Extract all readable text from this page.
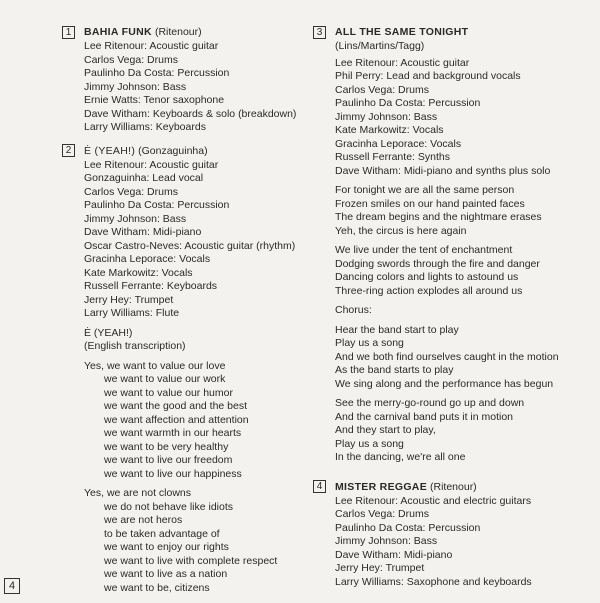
1	BAHIA FUNK (Ritenour)
Lee Ritenour: Acoustic guitar
Carlos Vega: Drums
Paulinho Da Costa: Percussion
Jimmy Johnson: Bass
Ernie Watts: Tenor saxophone
Dave Witham: Keyboards & solo (breakdown)
Larry Williams: Keyboards
2	Ė (YEAH!) (Gonzaguinha)
Lee Ritenour: Acoustic guitar
Gonzaguinha: Lead vocal
Carlos Vega: Drums
Paulinho Da Costa: Percussion
Jimmy Johnson: Bass
Dave Witham: Midi-piano
Oscar Castro-Neves: Acoustic guitar (rhythm)
Gracinha Leporace: Vocals
Kate Markowitz: Vocals
Russell Ferrante: Keyboards
Jerry Hey: Trumpet
Larry Williams: Flute
Ė (YEAH!)
(English transcription)
Yes, we want to value our love
we want to value our work
we want to value our humor
we want the good and the best
we want affection and attention
we want warmth in our hearts
we want to be very healthy
we want to live our freedom
we want to live our happiness
Yes, we are not clowns
we do not behave like idiots
we are not heros
to be taken advantage of
we want to enjoy our rights
we want to live with complete respect
we want to live as a nation
we want to be, citizens
3	ALL THE SAME TONIGHT
(Lins/Martins/Tagg)
Lee Ritenour: Acoustic guitar
Phil Perry: Lead and background vocals
Carlos Vega: Drums
Paulinho Da Costa: Percussion
Jimmy Johnson: Bass
Kate Markowitz: Vocals
Gracinha Leporace: Vocals
Russell Ferrante: Synths
Dave Witham: Midi-piano and synths plus solo
For tonight we are all the same person
Frozen smiles on our hand painted faces
The dream begins and the nightmare erases
Yeh, the circus is here again
We live under the tent of enchantment
Dodging swords through the fire and danger
Dancing colors and lights to astound us
Three-ring action explodes all around us
Chorus:
Hear the band start to play
Play us a song
And we both find ourselves caught in the motion
As the band starts to play
We sing along and the performance has begun
See the merry-go-round go up and down
And the carnival band puts it in motion
And they start to play,
Play us a song
In the dancing, we're all one
4	MISTER REGGAE (Ritenour)
Lee Ritenour: Acoustic and electric guitars
Carlos Vega: Drums
Paulinho Da Costa: Percussion
Jimmy Johnson: Bass
Dave Witham: Midi-piano
Jerry Hey: Trumpet
Larry Williams: Saxophone and keyboards
4
